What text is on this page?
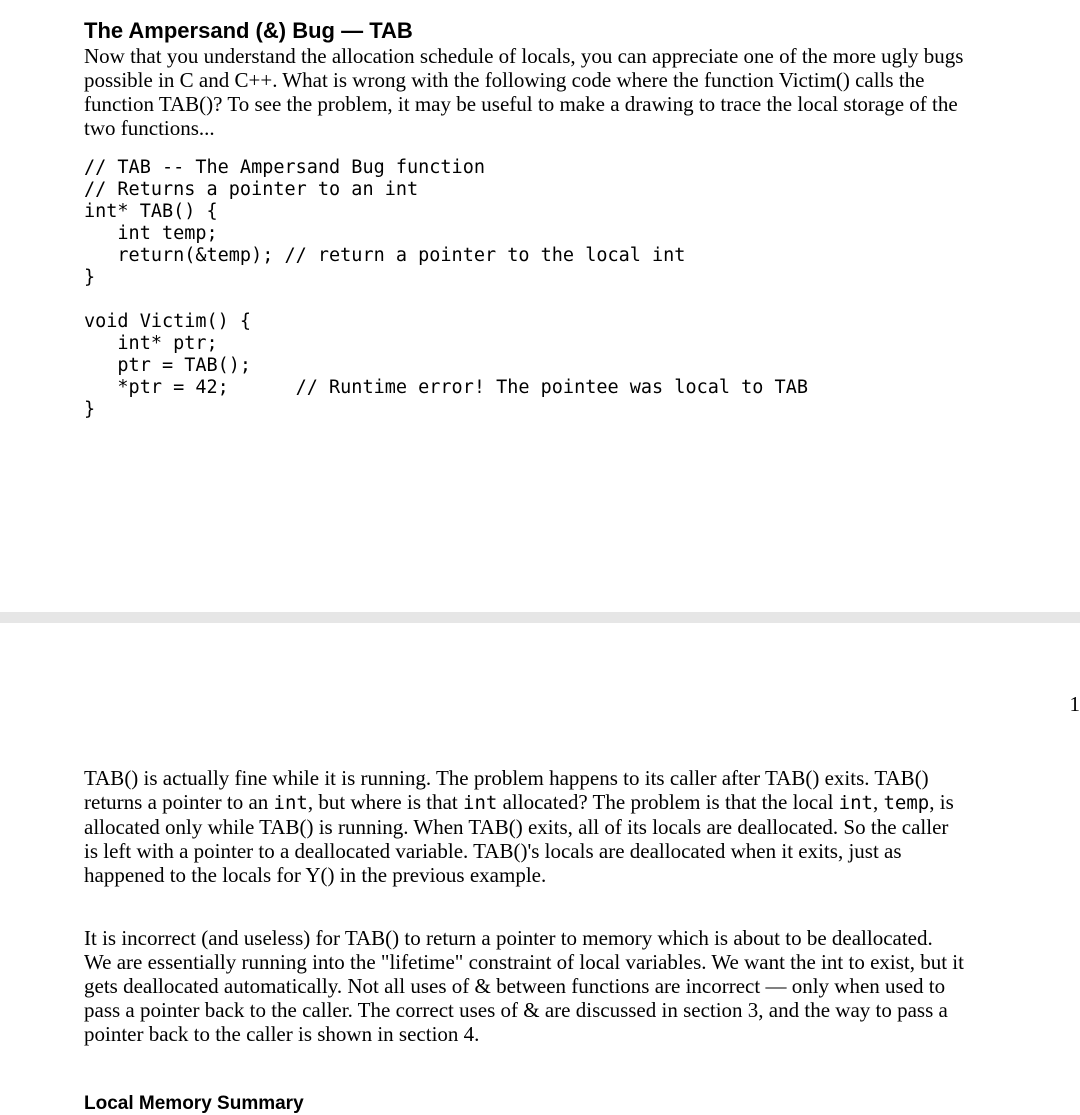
The Ampersand (&) Bug — TAB

Now that you understand the allocation schedule of locals, you can appreciate one of the more ugly bugs possible in C and C++. What is wrong with the following code where the function Victim() calls the function TAB()? To see the problem, it may be useful to make a drawing to trace the local storage of the two functions...

// TAB -- The Ampersand Bug function
// Returns a pointer to an int
int* TAB() {
int temp;
return(&temp); // return a pointer to the local int
}

void Victim() {
int* ptr;
ptr = TAB();
*ptr = 42;      // Runtime error! The pointee was local to TAB
}
1

TAB() is actually fine while it is running. The problem happens to its caller after TAB() exits. TAB() returns a pointer to an int, but where is that int allocated? The problem is that the local int, temp, is allocated only while TAB() is running. When TAB() exits, all of its locals are deallocated. So the caller is left with a pointer to a deallocated variable. TAB()'s locals are deallocated when it exits, just as happened to the locals for Y() in the previous example.

It is incorrect (and useless) for TAB() to return a pointer to memory which is about to be deallocated. We are essentially running into the "lifetime" constraint of local variables. We want the int to exist, but it gets deallocated automatically. Not all uses of & between functions are incorrect — only when used to pass a pointer back to the caller. The correct uses of & are discussed in section 3, and the way to pass a pointer back to the caller is shown in section 4.

Local Memory Summary
